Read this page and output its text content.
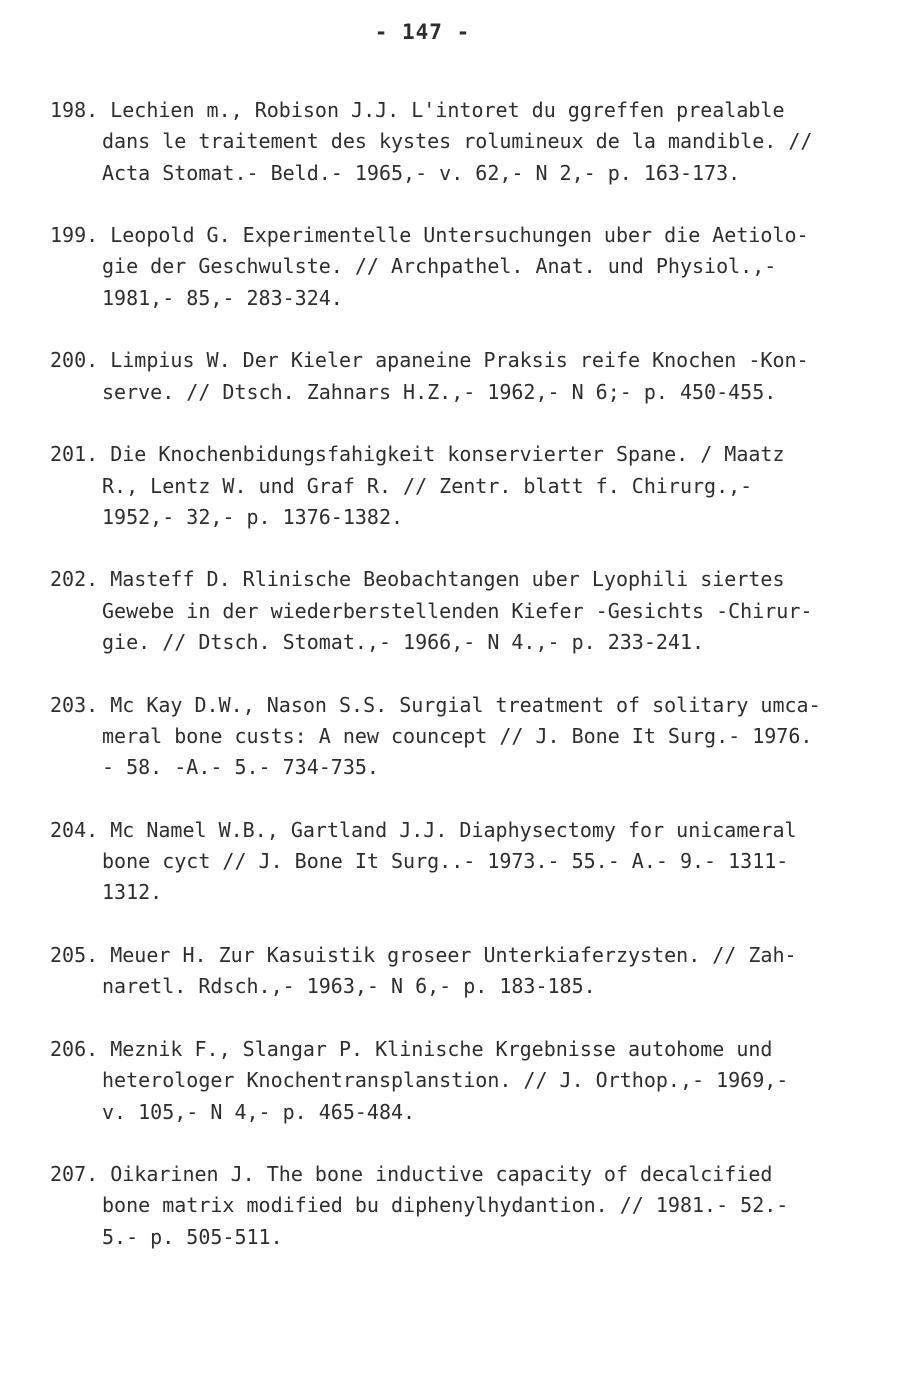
- 147 -
198. Lechien m., Robison J.J. L'intoret du ggreffen prealable
dans le traitement des kystes roluminеux de la mandible. //
Acta Stomat.- Beld.- 1965,- v. 62,- N 2,- p. 163-173.
199. Leopold G. Experimentelle Untersuchungen uber die Aetiolo-
gie der Geschwulste. // Archpathel. Anat. und Physiol.,-
1981,- 85,- 283-324.
200. Limpius W. Der Kieler apaneine Praksis reife Knochen -Kon-
serve. // Dtsch. Zahnars H.Z.,- 1962,- N 6;- p. 450-455.
201. Die Knochenbidungsfahigkeit konservierter Spane. / Maatz
R., Lentz W. und Graf R. // Zentr. blatt f. Chirurg.,-
1952,- 32,- p. 1376-1382.
202. Masteff D. Rlinische Beobachtangen uber Lyophili siertes
Gewebe in der wiederberstellenden Kiefer -Gesichts -Chirur-
gie. // Dtsch. Stomat.,- 1966,- N 4.,- p. 233-241.
203. Mc Kay D.W., Nason S.S. Surgial treatment of solitary umca-
meral bone custs: A new councept // J. Bone It Surg.- 1976.
- 58. -A.- 5.- 734-735.
204. Mc Namel W.B., Gartland J.J. Diaphysectomy for unicameral
bone cyct // J. Bone It Surg..- 1973.- 55.- A.- 9.- 1311-
1312.
205. Meuer H. Zur Kasuistik groseer Unterkiaferzysten. // Zah-
naretl. Rdsch.,- 1963,- N 6,- p. 183-185.
206. Meznik F., Slangar P. Klinische Krgebnisse autohome und
heterologer Knochentransplanstion. // J. Orthop.,- 1969,-
v. 105,- N 4,- p. 465-484.
207. Oikarinen J. The bone inductive capacity of decalcified
bone matrix modified bu diphenylhydantion. // 1981.- 52.-
5.- p. 505-511.
